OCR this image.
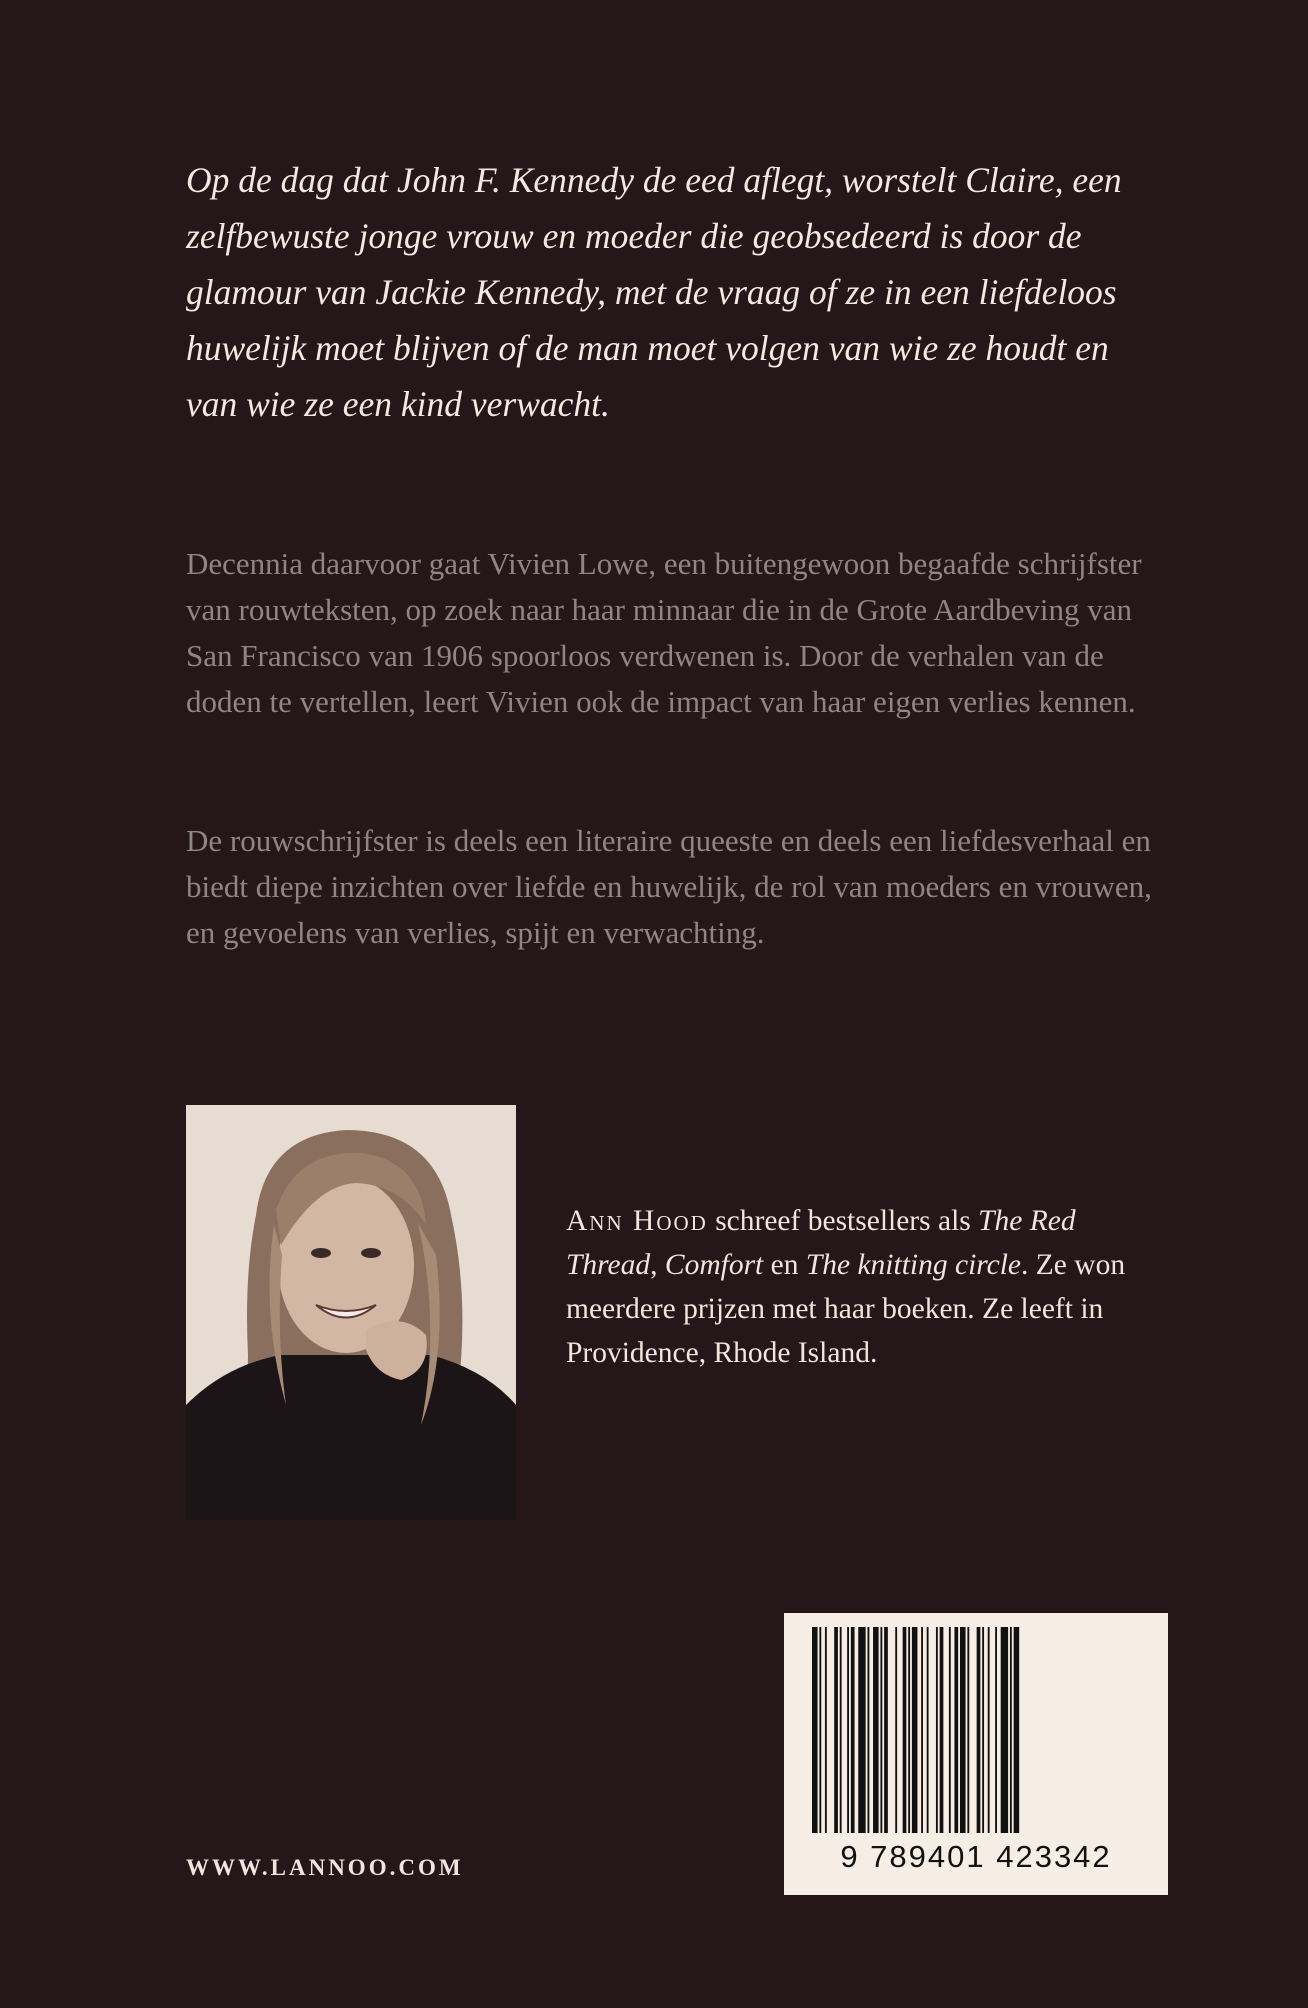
Op de dag dat John F. Kennedy de eed aflegt, worstelt Claire, een zelfbewuste jonge vrouw en moeder die geobsedeerd is door de glamour van Jackie Kennedy, met de vraag of ze in een liefdeloos huwelijk moet blijven of de man moet volgen van wie ze houdt en van wie ze een kind verwacht.

Decennia daarvoor gaat Vivien Lowe, een buitengewoon begaafde schrijfster van rouwteksten, op zoek naar haar minnaar die in de Grote Aardbeving van San Francisco van 1906 spoorloos verdwenen is. Door de verhalen van de doden te vertellen, leert Vivien ook de impact van haar eigen verlies kennen.

De rouwschrijfster is deels een literaire queeste en deels een liefdesverhaal en biedt diepe inzichten over liefde en huwelijk, de rol van moeders en vrouwen, en gevoelens van verlies, spijt en verwachting.

Ann Hood schreef bestsellers als The Red Thread, Comfort en The knitting circle. Ze won meerdere prijzen met haar boeken. Ze leeft in Providence, Rhode Island.

WWW.LANNOO.COM	9 789401 423342
